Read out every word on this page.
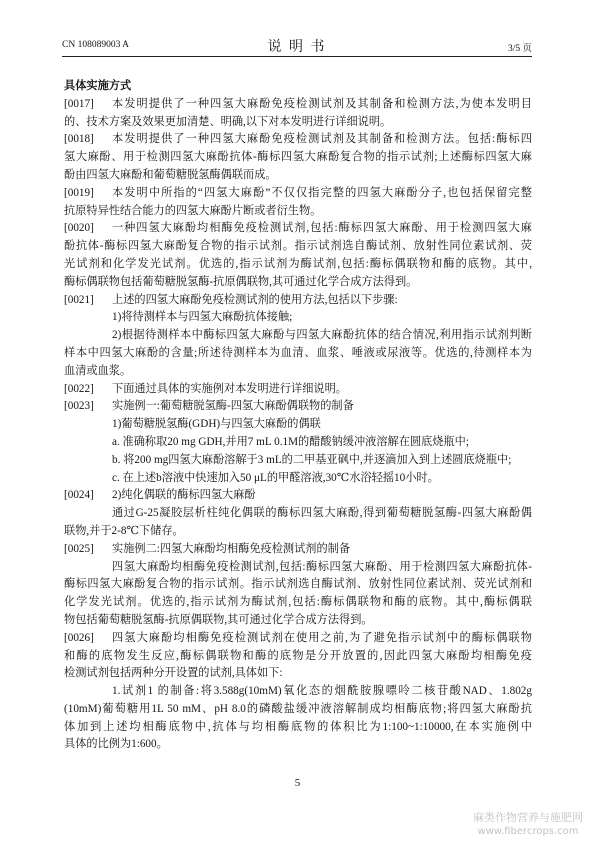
CN 108089003 A	说 明 书	3/5 页
具体实施方式
[0017] 本发明提供了一种四氢大麻酚免疫检测试剂及其制备和检测方法,为使本发明目
的、技术方案及效果更加清楚、明确,以下对本发明进行详细说明。
[0018] 本发明提供了一种四氢大麻酚免疫检测试剂及其制备和检测方法。包括:酶标四
氢大麻酚、用于检测四氢大麻酚抗体-酶标四氢大麻酚复合物的指示试剂;上述酶标四氢大麻
酚由四氢大麻酚和葡萄糖脱氢酶偶联而成。
[0019] 本发明中所指的“四氢大麻酚”不仅仅指完整的四氢大麻酚分子,也包括保留完整
抗原特异性结合能力的四氢大麻酚片断或者衍生物。
[0020] 一种四氢大麻酚均相酶免疫检测试剂,包括:酶标四氢大麻酚、用于检测四氢大麻
酚抗体-酶标四氢大麻酚复合物的指示试剂。指示试剂选自酶试剂、放射性同位素试剂、荧
光试剂和化学发光试剂。优选的,指示试剂为酶试剂,包括:酶标偶联物和酶的底物。其中,
酶标偶联物包括葡萄糖脱氢酶-抗原偶联物,其可通过化学合成方法得到。
[0021] 上述的四氢大麻酚免疫检测试剂的使用方法,包括以下步骤:
1)将待测样本与四氢大麻酚抗体接触;
2)根据待测样本中酶标四氢大麻酚与四氢大麻酚抗体的结合情况,利用指示试剂判断
样本中四氢大麻酚的含量;所述待测样本为血清、血浆、唾液或尿液等。优选的,待测样本为
血清或血浆。
[0022] 下面通过具体的实施例对本发明进行详细说明。
[0023] 实施例一:葡萄糖脱氢酶-四氢大麻酚偶联物的制备
1)葡萄糖脱氢酶(GDH)与四氢大麻酚的偶联
a. 准确称取20 mg GDH,并用7 mL 0.1M的醋酸钠缓冲液溶解在圆底烧瓶中;
b. 将200 mg四氢大麻酚溶解于3 mL的二甲基亚砜中,并逐滴加入到上述圆底烧瓶中;
c. 在上述b溶液中快速加入50 μL的甲醛溶液,30℃水浴轻摇10小时。
[0024] 2)纯化偶联的酶标四氢大麻酚
通过G-25凝胶层析柱纯化偶联的酶标四氢大麻酚,得到葡萄糖脱氢酶-四氢大麻酚偶
联物,并于2-8℃下储存。
[0025] 实施例二:四氢大麻酚均相酶免疫检测试剂的制备
四氢大麻酚均相酶免疫检测试剂,包括:酶标四氢大麻酚、用于检测四氢大麻酚抗体-
酶标四氢大麻酚复合物的指示试剂。指示试剂选自酶试剂、放射性同位素试剂、荧光试剂和
化学发光试剂。优选的,指示试剂为酶试剂,包括:酶标偶联物和酶的底物。其中,酶标偶联
物包括葡萄糖脱氢酶-抗原偶联物,其可通过化学合成方法得到。
[0026] 四氢大麻酚均相酶免疫检测试剂在使用之前,为了避免指示试剂中的酶标偶联物
和酶的底物发生反应,酶标偶联物和酶的底物是分开放置的,因此四氢大麻酚均相酶免疫
检测试剂包括两种分开设置的试剂,具体如下:
1.试剂1 的制备:将3.588g(10mM)氧化态的烟酰胺腺嘌呤二核苷酸NAD、1.802g
(10mM)葡萄糖用1L 50 mM、pH 8.0的磷酸盐缓冲液溶解制成均相酶底物;将四氢大麻酚抗
体加到上述均相酶底物中,抗体与均相酶底物的体积比为1:100~1:10000,在本实施例中
具体的比例为1:600。
5
麻类作物营养与施肥网
www.fibercrops.com
